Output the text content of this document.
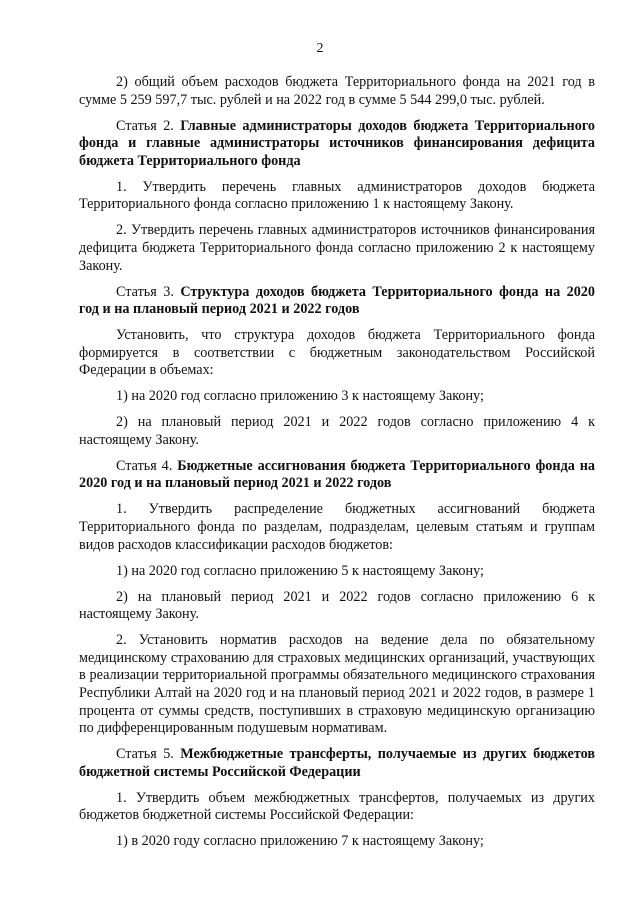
2

2) общий объем расходов бюджета Территориального фонда на 2021 год в сумме 5 259 597,7 тыс. рублей и на 2022 год в сумме 5 544 299,0 тыс. рублей.

Статья 2. Главные администраторы доходов бюджета Территориального фонда и главные администраторы источников финансирования дефицита бюджета Территориального фонда

1. Утвердить перечень главных администраторов доходов бюджета Территориального фонда согласно приложению 1 к настоящему Закону.

2. Утвердить перечень главных администраторов источников финансирования дефицита бюджета Территориального фонда согласно приложению 2 к настоящему Закону.

Статья 3. Структура доходов бюджета Территориального фонда на 2020 год и на плановый период 2021 и 2022 годов

Установить, что структура доходов бюджета Территориального фонда формируется в соответствии с бюджетным законодательством Российской Федерации в объемах:

1) на 2020 год согласно приложению 3 к настоящему Закону;

2) на плановый период 2021 и 2022 годов согласно приложению 4 к настоящему Закону.

Статья 4. Бюджетные ассигнования бюджета Территориального фонда на 2020 год и на плановый период 2021 и 2022 годов

1. Утвердить распределение бюджетных ассигнований бюджета Территориального фонда по разделам, подразделам, целевым статьям и группам видов расходов классификации расходов бюджетов:

1) на 2020 год согласно приложению 5 к настоящему Закону;

2) на плановый период 2021 и 2022 годов согласно приложению 6 к настоящему Закону.

2. Установить норматив расходов на ведение дела по обязательному медицинскому страхованию для страховых медицинских организаций, участвующих в реализации территориальной программы обязательного медицинского страхования Республики Алтай на 2020 год и на плановый период 2021 и 2022 годов, в размере 1 процента от суммы средств, поступивших в страховую медицинскую организацию по дифференцированным подушевым нормативам.

Статья 5. Межбюджетные трансферты, получаемые из других бюджетов бюджетной системы Российской Федерации

1. Утвердить объем межбюджетных трансфертов, получаемых из других бюджетов бюджетной системы Российской Федерации:

1) в 2020 году согласно приложению 7 к настоящему Закону;
